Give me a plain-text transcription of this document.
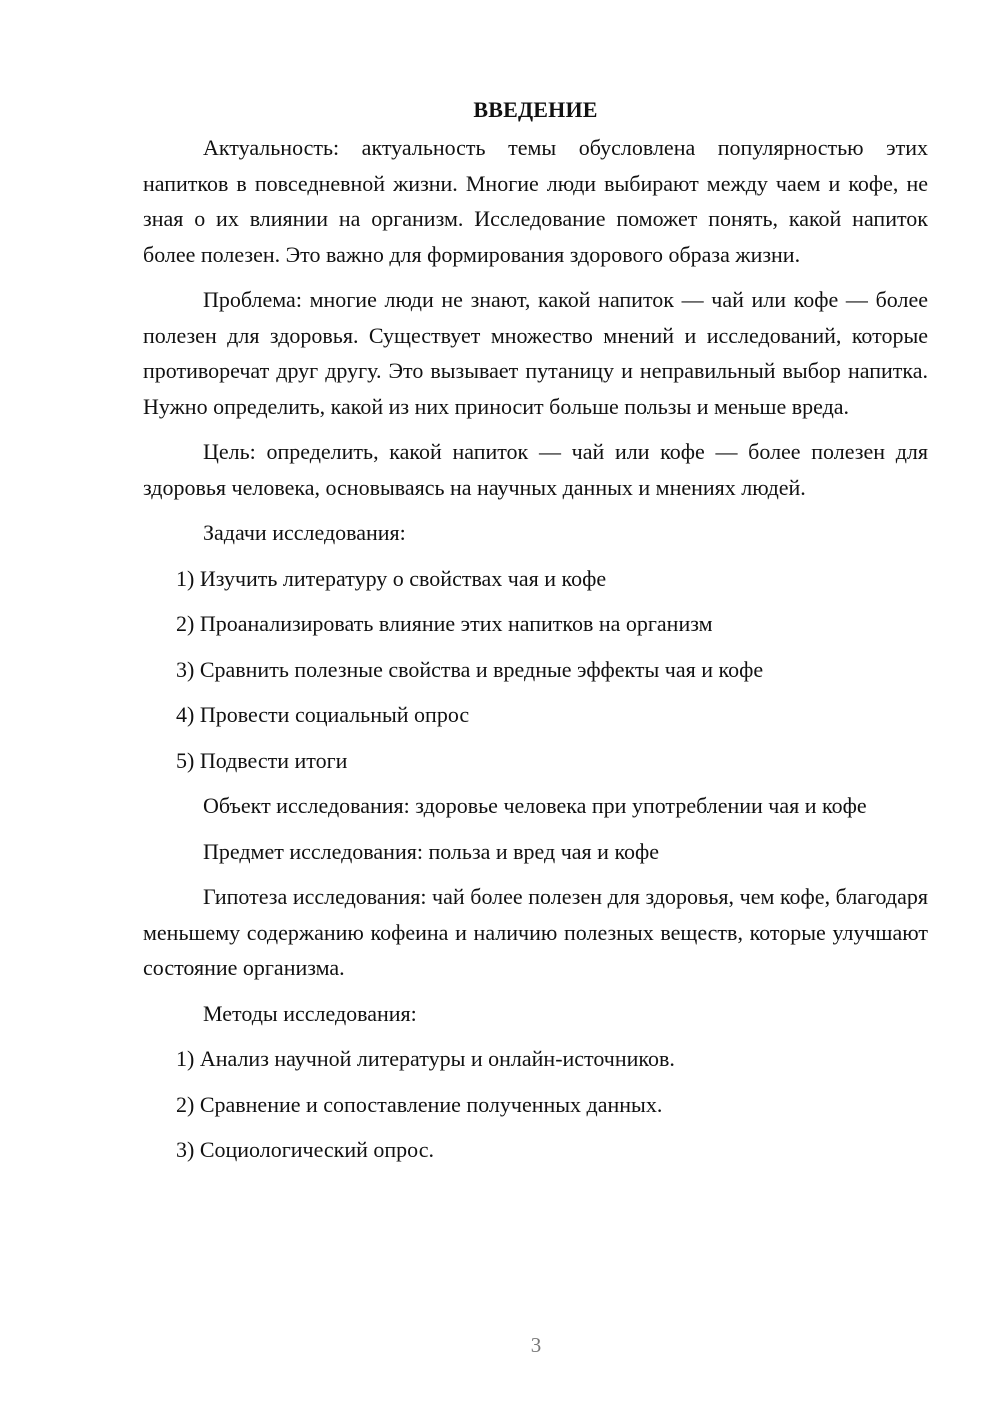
ВВЕДЕНИЕ

Актуальность: актуальность темы обусловлена популярностью этих напитков в повседневной жизни. Многие люди выбирают между чаем и кофе, не зная о их влиянии на организм. Исследование поможет понять, какой напиток более полезен. Это важно для формирования здорового образа жизни.

Проблема: многие люди не знают, какой напиток — чай или кофе — более полезен для здоровья. Существует множество мнений и исследований, которые противоречат друг другу. Это вызывает путаницу и неправильный выбор напитка. Нужно определить, какой из них приносит больше пользы и меньше вреда.

Цель: определить, какой напиток — чай или кофе — более полезен для здоровья человека, основываясь на научных данных и мнениях людей.

Задачи исследования:

1) Изучить литературу о свойствах чая и кофе
2) Проанализировать влияние этих напитков на организм
3) Сравнить полезные свойства и вредные эффекты чая и кофе
4) Провести социальный опрос
5) Подвести итоги

Объект исследования: здоровье человека при употреблении чая и кофе

Предмет исследования: польза и вред чая и кофе

Гипотеза исследования: чай более полезен для здоровья, чем кофе, благодаря меньшему содержанию кофеина и наличию полезных веществ, которые улучшают состояние организма.

Методы исследования:

1) Анализ научной литературы и онлайн-источников.
2) Сравнение и сопоставление полученных данных.
3) Социологический опрос.
3
